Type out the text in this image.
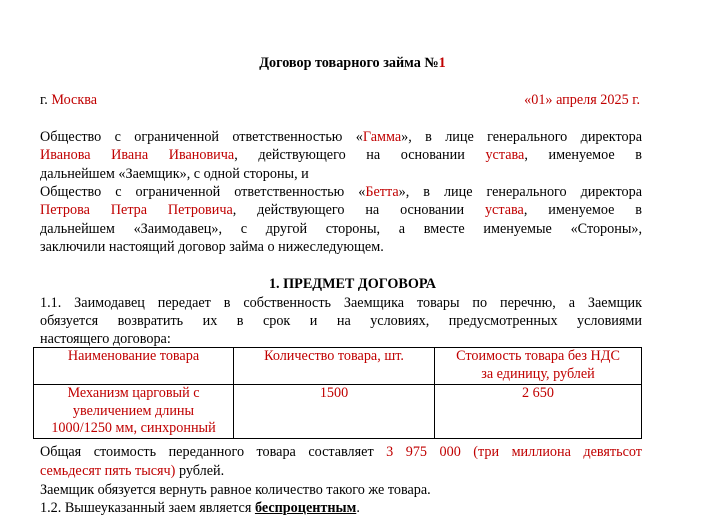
Договор товарного займа №1
г. Москва	«01» апреля 2025 г.
Общество с ограниченной ответственностью «Гамма», в лице генерального директора
Иванова Ивана Ивановича, действующего на основании устава, именуемое в
дальнейшем «Заемщик», с одной стороны, и
Общество с ограниченной ответственностью «Бетта», в лице генерального директора
Петрова Петра Петровича, действующего на основании устава, именуемое в
дальнейшем «Заимодавец», с другой стороны, а вместе именуемые «Стороны»,
заключили настоящий договор займа о нижеследующем.
1. ПРЕДМЕТ ДОГОВОРА
1.1. Заимодавец передает в собственность Заемщика товары по перечню, а Заемщик
обязуется возвратить их в срок и на условиях, предусмотренных условиями
настоящего договора:
Наименование товара	Количество товара, шт.	Стоимость товара без НДС
за единицу, рублей
Механизм царговый с
увеличением длины
1000/1250 мм, синхронный	1500	2 650
Общая стоимость переданного товара составляет 3 975 000 (три миллиона девятьсот
семьдесят пять тысяч) рублей.
Заемщик обязуется вернуть равное количество такого же товара.
1.2. Вышеуказанный заем является беспроцентным.
